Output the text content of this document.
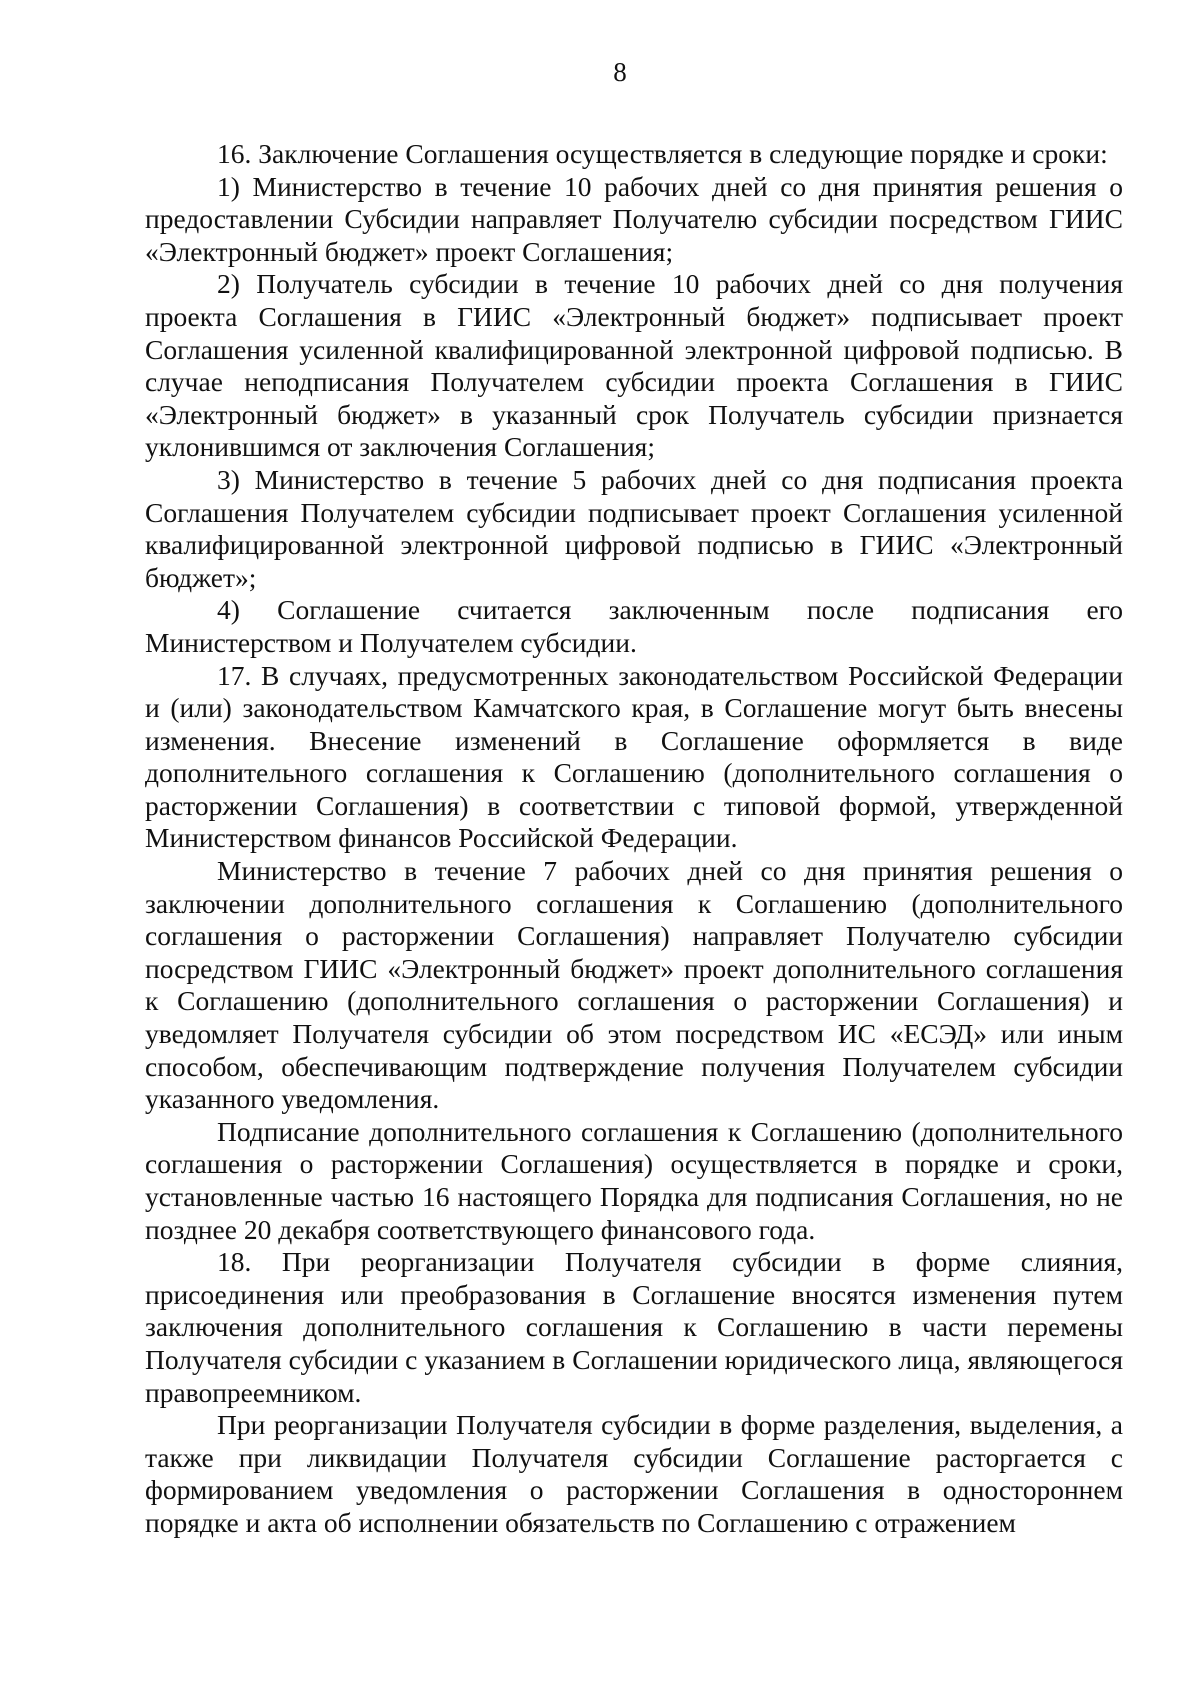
8

16. Заключение Соглашения осуществляется в следующие порядке и сроки:

1) Министерство в течение 10 рабочих дней со дня принятия решения о предоставлении Субсидии направляет Получателю субсидии посредством ГИИС «Электронный бюджет» проект Соглашения;

2) Получатель субсидии в течение 10 рабочих дней со дня получения проекта Соглашения в ГИИС «Электронный бюджет» подписывает проект Соглашения усиленной квалифицированной электронной цифровой подписью. В случае неподписания Получателем субсидии проекта Соглашения в ГИИС «Электронный бюджет» в указанный срок Получатель субсидии признается уклонившимся от заключения Соглашения;

3) Министерство в течение 5 рабочих дней со дня подписания проекта Соглашения Получателем субсидии подписывает проект Соглашения усиленной квалифицированной электронной цифровой подписью в ГИИС «Электронный бюджет»;

4) Соглашение считается заключенным после подписания его Министерством и Получателем субсидии.

17. В случаях, предусмотренных законодательством Российской Федерации и (или) законодательством Камчатского края, в Соглашение могут быть внесены изменения. Внесение изменений в Соглашение оформляется в виде дополнительного соглашения к Соглашению (дополнительного соглашения о расторжении Соглашения) в соответствии с типовой формой, утвержденной Министерством финансов Российской Федерации.

Министерство в течение 7 рабочих дней со дня принятия решения о заключении дополнительного соглашения к Соглашению (дополнительного соглашения о расторжении Соглашения) направляет Получателю субсидии посредством ГИИС «Электронный бюджет» проект дополнительного соглашения к Соглашению (дополнительного соглашения о расторжении Соглашения) и уведомляет Получателя субсидии об этом посредством ИС «ЕСЭД» или иным способом, обеспечивающим подтверждение получения Получателем субсидии указанного уведомления.

Подписание дополнительного соглашения к Соглашению (дополнительного соглашения о расторжении Соглашения) осуществляется в порядке и сроки, установленные частью 16 настоящего Порядка для подписания Соглашения, но не позднее 20 декабря соответствующего финансового года.

18. При реорганизации Получателя субсидии в форме слияния, присоединения или преобразования в Соглашение вносятся изменения путем заключения дополнительного соглашения к Соглашению в части перемены Получателя субсидии с указанием в Соглашении юридического лица, являющегося правопреемником.

При реорганизации Получателя субсидии в форме разделения, выделения, а также при ликвидации Получателя субсидии Соглашение расторгается с формированием уведомления о расторжении Соглашения в одностороннем порядке и акта об исполнении обязательств по Соглашению с отражением
